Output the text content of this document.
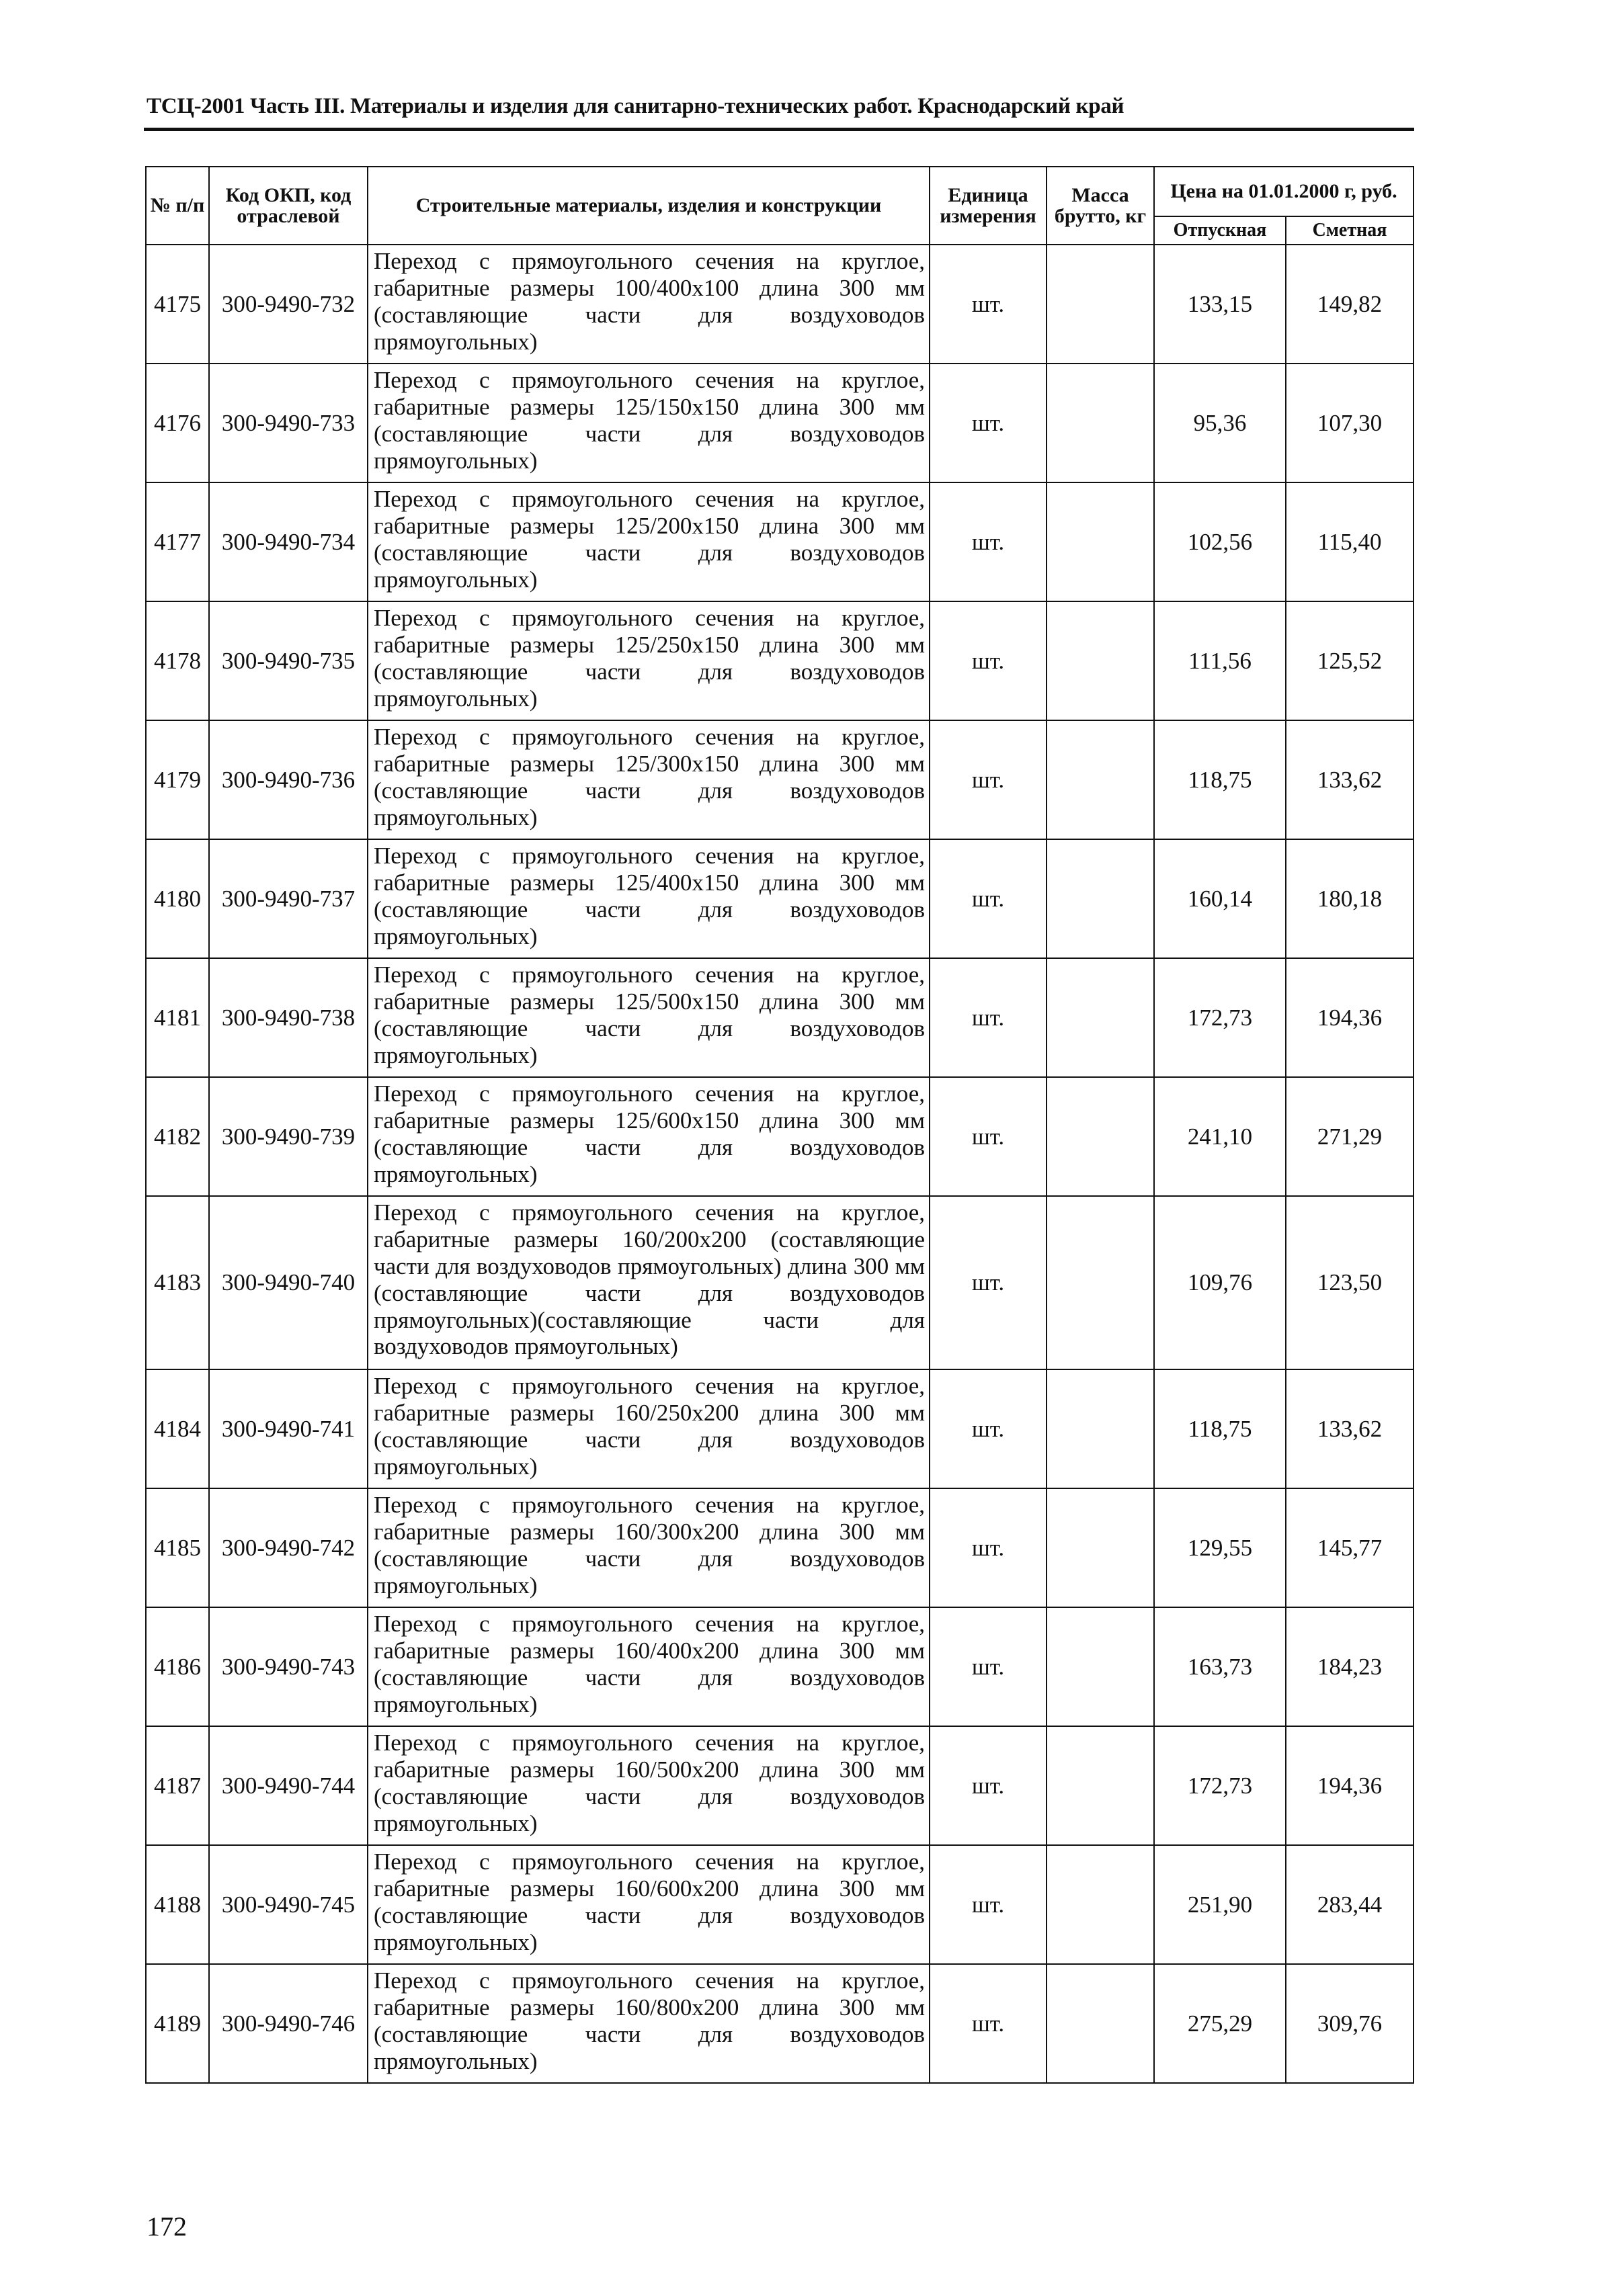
ТСЦ-2001 Часть III. Материалы и изделия для санитарно-технических работ. Краснодарский край
№ п/п	Код ОКП, код отраслевой	Строительные материалы, изделия и конструкции	Единица измерения	Масса брутто, кг	Цена на 01.01.2000 г, руб.	
					Отпускная	Сметная
4175	300-9490-732	Переход с прямоугольного сечения на круглое, габаритные размеры 100/400х100 длина 300 мм (составляющие части для воздуховодов прямоугольных)	шт.		133,15	149,82
4176	300-9490-733	Переход с прямоугольного сечения на круглое, габаритные размеры 125/150х150 длина 300 мм (составляющие части для воздуховодов прямоугольных)	шт.		95,36	107,30
4177	300-9490-734	Переход с прямоугольного сечения на круглое, габаритные размеры 125/200х150 длина 300 мм (составляющие части для воздуховодов прямоугольных)	шт.		102,56	115,40
4178	300-9490-735	Переход с прямоугольного сечения на круглое, габаритные размеры 125/250х150 длина 300 мм (составляющие части для воздуховодов прямоугольных)	шт.		111,56	125,52
4179	300-9490-736	Переход с прямоугольного сечения на круглое, габаритные размеры 125/300х150 длина 300 мм (составляющие части для воздуховодов прямоугольных)	шт.		118,75	133,62
4180	300-9490-737	Переход с прямоугольного сечения на круглое, габаритные размеры 125/400х150 длина 300 мм (составляющие части для воздуховодов прямоугольных)	шт.		160,14	180,18
4181	300-9490-738	Переход с прямоугольного сечения на круглое, габаритные размеры 125/500х150 длина 300 мм (составляющие части для воздуховодов прямоугольных)	шт.		172,73	194,36
4182	300-9490-739	Переход с прямоугольного сечения на круглое, габаритные размеры 125/600х150 длина 300 мм (составляющие части для воздуховодов прямоугольных)	шт.		241,10	271,29
4183	300-9490-740	Переход с прямоугольного сечения на круглое, габаритные размеры 160/200х200 (составляющие части для воздуховодов прямоугольных) длина 300 мм (составляющие части для воздуховодов прямоугольных)(составляющие части для воздуховодов прямоугольных)	шт.		109,76	123,50
4184	300-9490-741	Переход с прямоугольного сечения на круглое, габаритные размеры 160/250х200 длина 300 мм (составляющие части для воздуховодов прямоугольных)	шт.		118,75	133,62
4185	300-9490-742	Переход с прямоугольного сечения на круглое, габаритные размеры 160/300х200 длина 300 мм (составляющие части для воздуховодов прямоугольных)	шт.		129,55	145,77
4186	300-9490-743	Переход с прямоугольного сечения на круглое, габаритные размеры 160/400х200 длина 300 мм (составляющие части для воздуховодов прямоугольных)	шт.		163,73	184,23
4187	300-9490-744	Переход с прямоугольного сечения на круглое, габаритные размеры 160/500х200 длина 300 мм (составляющие части для воздуховодов прямоугольных)	шт.		172,73	194,36
4188	300-9490-745	Переход с прямоугольного сечения на круглое, габаритные размеры 160/600х200 длина 300 мм (составляющие части для воздуховодов прямоугольных)	шт.		251,90	283,44
4189	300-9490-746	Переход с прямоугольного сечения на круглое, габаритные размеры 160/800х200 длина 300 мм (составляющие части для воздуховодов прямоугольных)	шт.		275,29	309,76
172
